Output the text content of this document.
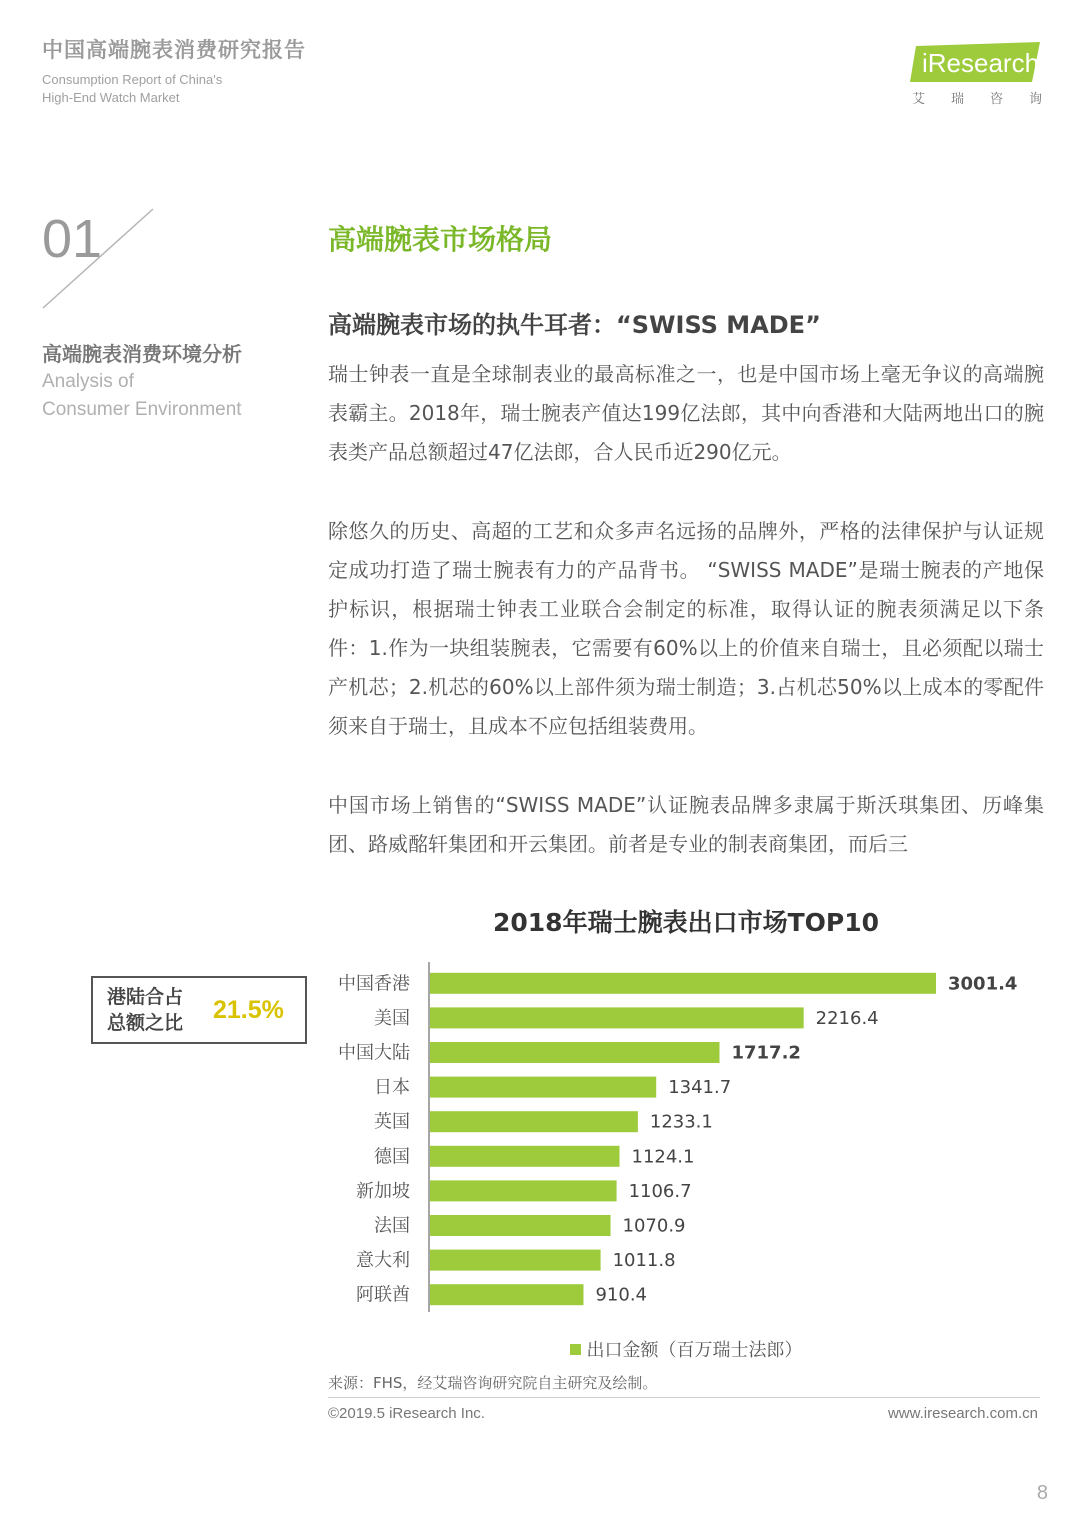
中国高端腕表消费研究报告
Consumption Report of China's
High-End Watch Market
iResearch
艾 瑞 咨 询
01
高端腕表消费环境分析
Analysis of
Consumer Environment
高端腕表市场格局
高端腕表市场的执牛耳者：“SWISS MADE”

瑞士钟表一直是全球制表业的最高标准之一，也是中国市场上毫无争议的高端腕表霸主。2018年，瑞士腕表产值达199亿法郎，其中向香港和大陆两地出口的腕表类产品总额超过47亿法郎，合人民币近290亿元。

除悠久的历史、高超的工艺和众多声名远扬的品牌外，严格的法律保护与认证规定成功打造了瑞士腕表有力的产品背书。 “SWISS MADE”是瑞士腕表的产地保护标识，根据瑞士钟表工业联合会制定的标准，取得认证的腕表须满足以下条件：1.作为一块组装腕表，它需要有60%以上的价值来自瑞士，且必须配以瑞士产机芯；2.机芯的60%以上部件须为瑞士制造；3.占机芯50%以上成本的零配件须来自于瑞士，且成本不应包括组装费用。

中国市场上销售的“SWISS MADE”认证腕表品牌多隶属于斯沃琪集团、历峰集团、路威酩轩集团和开云集团。前者是专业的制表商集团，而后三

2018年瑞士腕表出口市场TOP10
港陆合占
总额之比	21.5%
中国香港	3001.4
美国	2216.4
中国大陆	1717.2
日本	1341.7
英国	1233.1
德国	1124.1
新加坡	1106.7
法国	1070.9
意大利	1011.8
阿联酋	910.4
出口金额（百万瑞士法郎）
来源：FHS，经艾瑞咨询研究院自主研究及绘制。
©2019.5 iResearch Inc.	www.iresearch.com.cn
8
